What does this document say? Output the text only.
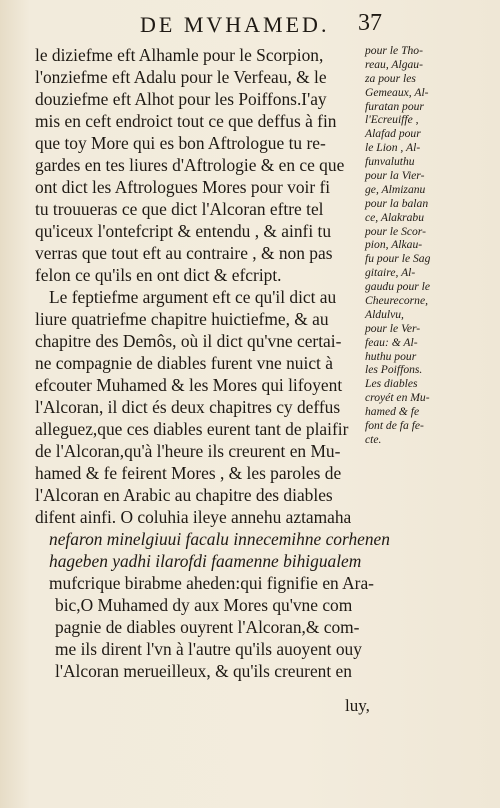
DE MVHAMED. 37
le diziefme eft Alhamle pour le Scorpion,
l'onziefme eft Adalu pour le Verfeau, & le
douziefme eft Alhot pour les Poiffons.I'ay
mis en ceft endroict tout ce que deffus à fin
que toy More qui es bon Aftrologue tu re-
gardes en tes liures d'Aftrologie & en ce que
ont dict les Aftrologues Mores pour voir fi
tu trouueras ce que dict l'Alcoran eftre tel
qu'iceux l'ontefcript & entendu , & ainfi tu
verras que tout eft au contraire , & non pas
felon ce qu'ils en ont dict & efcript.
Le feptiefme argument eft ce qu'il dict au
liure quatriefme chapitre huictiefme, & au
chapitre des Demôs, où il dict qu'vne certai-
ne compagnie de diables furent vne nuict à
efcouter Muhamed & les Mores qui lifoyent
l'Alcoran, il dict és deux chapitres cy deffus
alleguez,que ces diables eurent tant de plaifir
de l'Alcoran,qu'à l'heure ils creurent en Mu-
hamed & fe feirent Mores , & les paroles de
l'Alcoran en Arabic au chapitre des diables
difent ainfi. O coluhia ileye annehu aztamaha
nefaron minelgiuui facalu innecemihne corhenen
hageben yadhi ilarofdi faamenne bihigualem
mufcrique birabme aheden:qui fignifie en Ara-
bic,O Muhamed dy aux Mores qu'vne com
pagnie de diables ouyrent l'Alcoran,& com-
me ils dirent l'vn à l'autre qu'ils auoyent ouy
l'Alcoran merueilleux, & qu'ils creurent en
pour le Tho-
reau, Algau-
za pour les
Gemeaux, Al-
furatan pour
l'Ecreuiffe ,
Alafad pour
le Lion , Al-
funvaluthu
pour la Vier-
ge, Almizanu
pour la balan
ce, Alakrabu
pour le Scor-
pion, Alkau-
fu pour le Sag
gitaire, Al-
gaudu pour le
Cheurecorne,
Aldulvu,
pour le Ver-
feau: & Al-
huthu pour
les Poiffons.
Les diables
croyét en Mu-
hamed & fe
font de fa fe-
cte.
luy,
